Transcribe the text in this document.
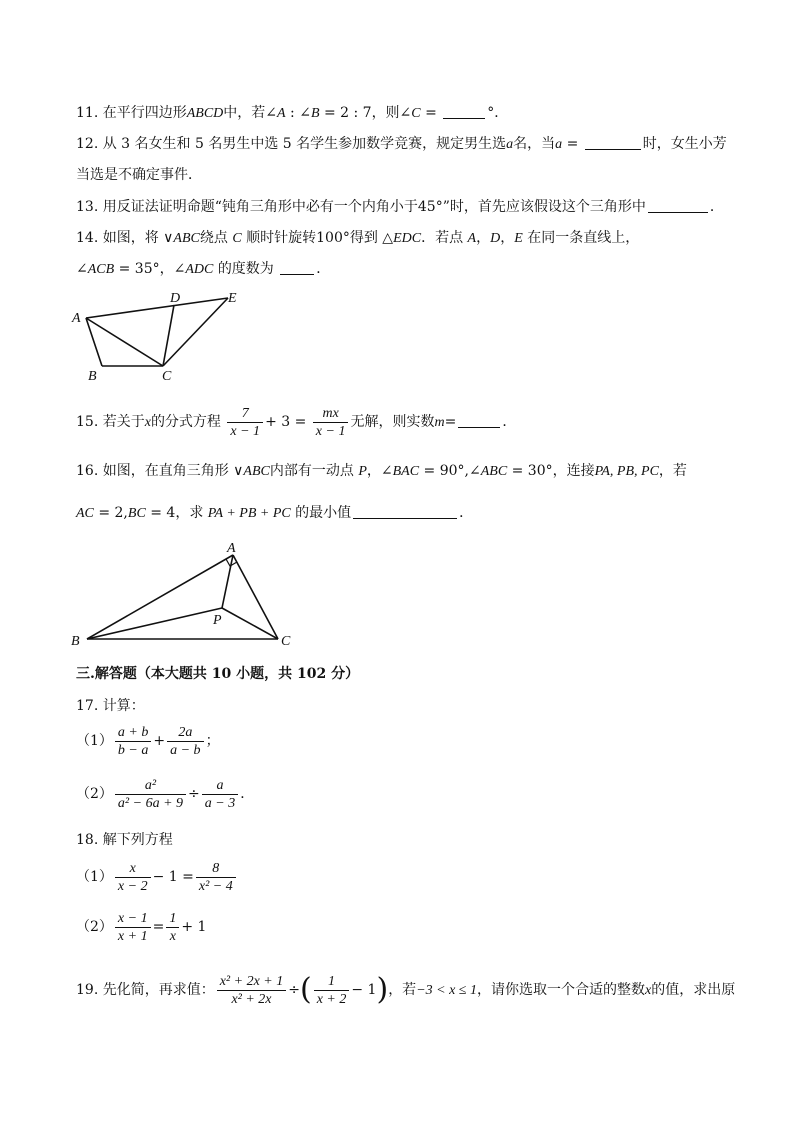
11. 在平行四边形ABCD中，若∠A : ∠B = 2 : 7，则∠C =	°．
12. 从 3 名女生和 5 名男生中选 5 名学生参加数学竞赛，规定男生选a名，当a =	时，女生小芳
当选是不确定事件．
13. 用反证法证明命题“钝角三角形中必有一个内角小于45°”时，首先应该假设这个三角形中	．
14. 如图，将 ∨ABC绕点 C 顺时针旋转100°得到 △EDC．若点 A，D，E 在同一条直线上，
∠ACB = 35°，∠ADC 的度数为	．
A
B	C
D	E
15. 若关于x的分式方程 $\frac{7}{x - 1} + 3 = \frac{mx}{x - 1}$ 无解，则实数m=	．
16. 如图，在直角三角形 ∨ABC内部有一动点 P，∠BAC = 90°,∠ABC = 30°，连接PA, PB, PC，若
AC = 2,BC = 4，求 PA + PB + PC 的最小值	．
A
B	C
P
三.解答题（本大题共 10 小题，共 102 分）
17. 计算：
$(1) \frac{a + b}{b - a} + \frac{2a}{a - b}$ ；
$(2) \frac{\text{a²}}{\text{a² − 6a + 9}} \div \frac{a}{a - 3}$ ．
18. 解下列方程
$(1) \frac{x}{x - 2} - 1 = \frac{8}{\text{x² − 4}}$
$(2) \frac{x - 1}{x + 1} = \frac{1}{x} + 1$
19. 先化简，再求值： $\frac{\text{x² + 2x + 1}}{\text{x² + 2x}}$ ÷( $\frac{1}{x + 2} - 1$)，若−3 < x ≤ 1，请你选取一个合适的整数x的值，求出原
